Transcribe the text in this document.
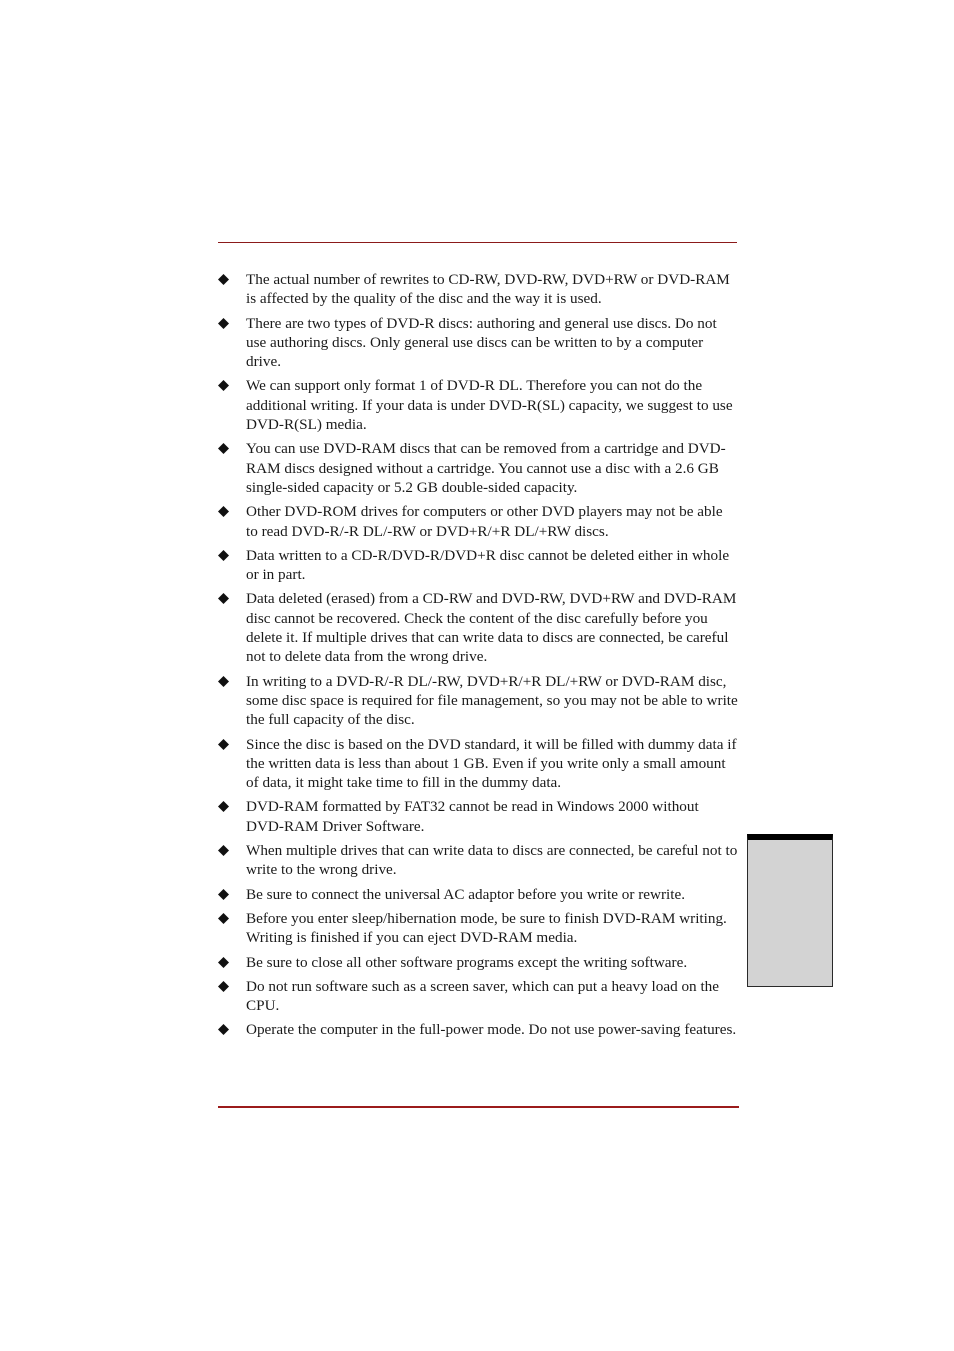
The actual number of rewrites to CD-RW, DVD-RW, DVD+RW or DVD-RAM is affected by the quality of the disc and the way it is used.
There are two types of DVD-R discs: authoring and general use discs. Do not use authoring discs. Only general use discs can be written to by a computer drive.
We can support only format 1 of DVD-R DL. Therefore you can not do the additional writing. If your data is under DVD-R(SL) capacity, we suggest to use DVD-R(SL) media.
You can use DVD-RAM discs that can be removed from a cartridge and DVD-RAM discs designed without a cartridge. You cannot use a disc with a 2.6 GB single-sided capacity or 5.2 GB double-sided capacity.
Other DVD-ROM drives for computers or other DVD players may not be able to read DVD-R/-R DL/-RW or DVD+R/+R DL/+RW discs.
Data written to a CD-R/DVD-R/DVD+R disc cannot be deleted either in whole or in part.
Data deleted (erased) from a CD-RW and DVD-RW, DVD+RW and DVD-RAM disc cannot be recovered. Check the content of the disc carefully before you delete it. If multiple drives that can write data to discs are connected, be careful not to delete data from the wrong drive.
In writing to a DVD-R/-R DL/-RW, DVD+R/+R DL/+RW or DVD-RAM disc, some disc space is required for file management, so you may not be able to write the full capacity of the disc.
Since the disc is based on the DVD standard, it will be filled with dummy data if the written data is less than about 1 GB. Even if you write only a small amount of data, it might take time to fill in the dummy data.
DVD-RAM formatted by FAT32 cannot be read in Windows 2000 without DVD-RAM Driver Software.
When multiple drives that can write data to discs are connected, be careful not to write to the wrong drive.
Be sure to connect the universal AC adaptor before you write or rewrite.
Before you enter sleep/hibernation mode, be sure to finish DVD-RAM writing. Writing is finished if you can eject DVD-RAM media.
Be sure to close all other software programs except the writing software.
Do not run software such as a screen saver, which can put a heavy load on the CPU.
Operate the computer in the full-power mode. Do not use power-saving features.
